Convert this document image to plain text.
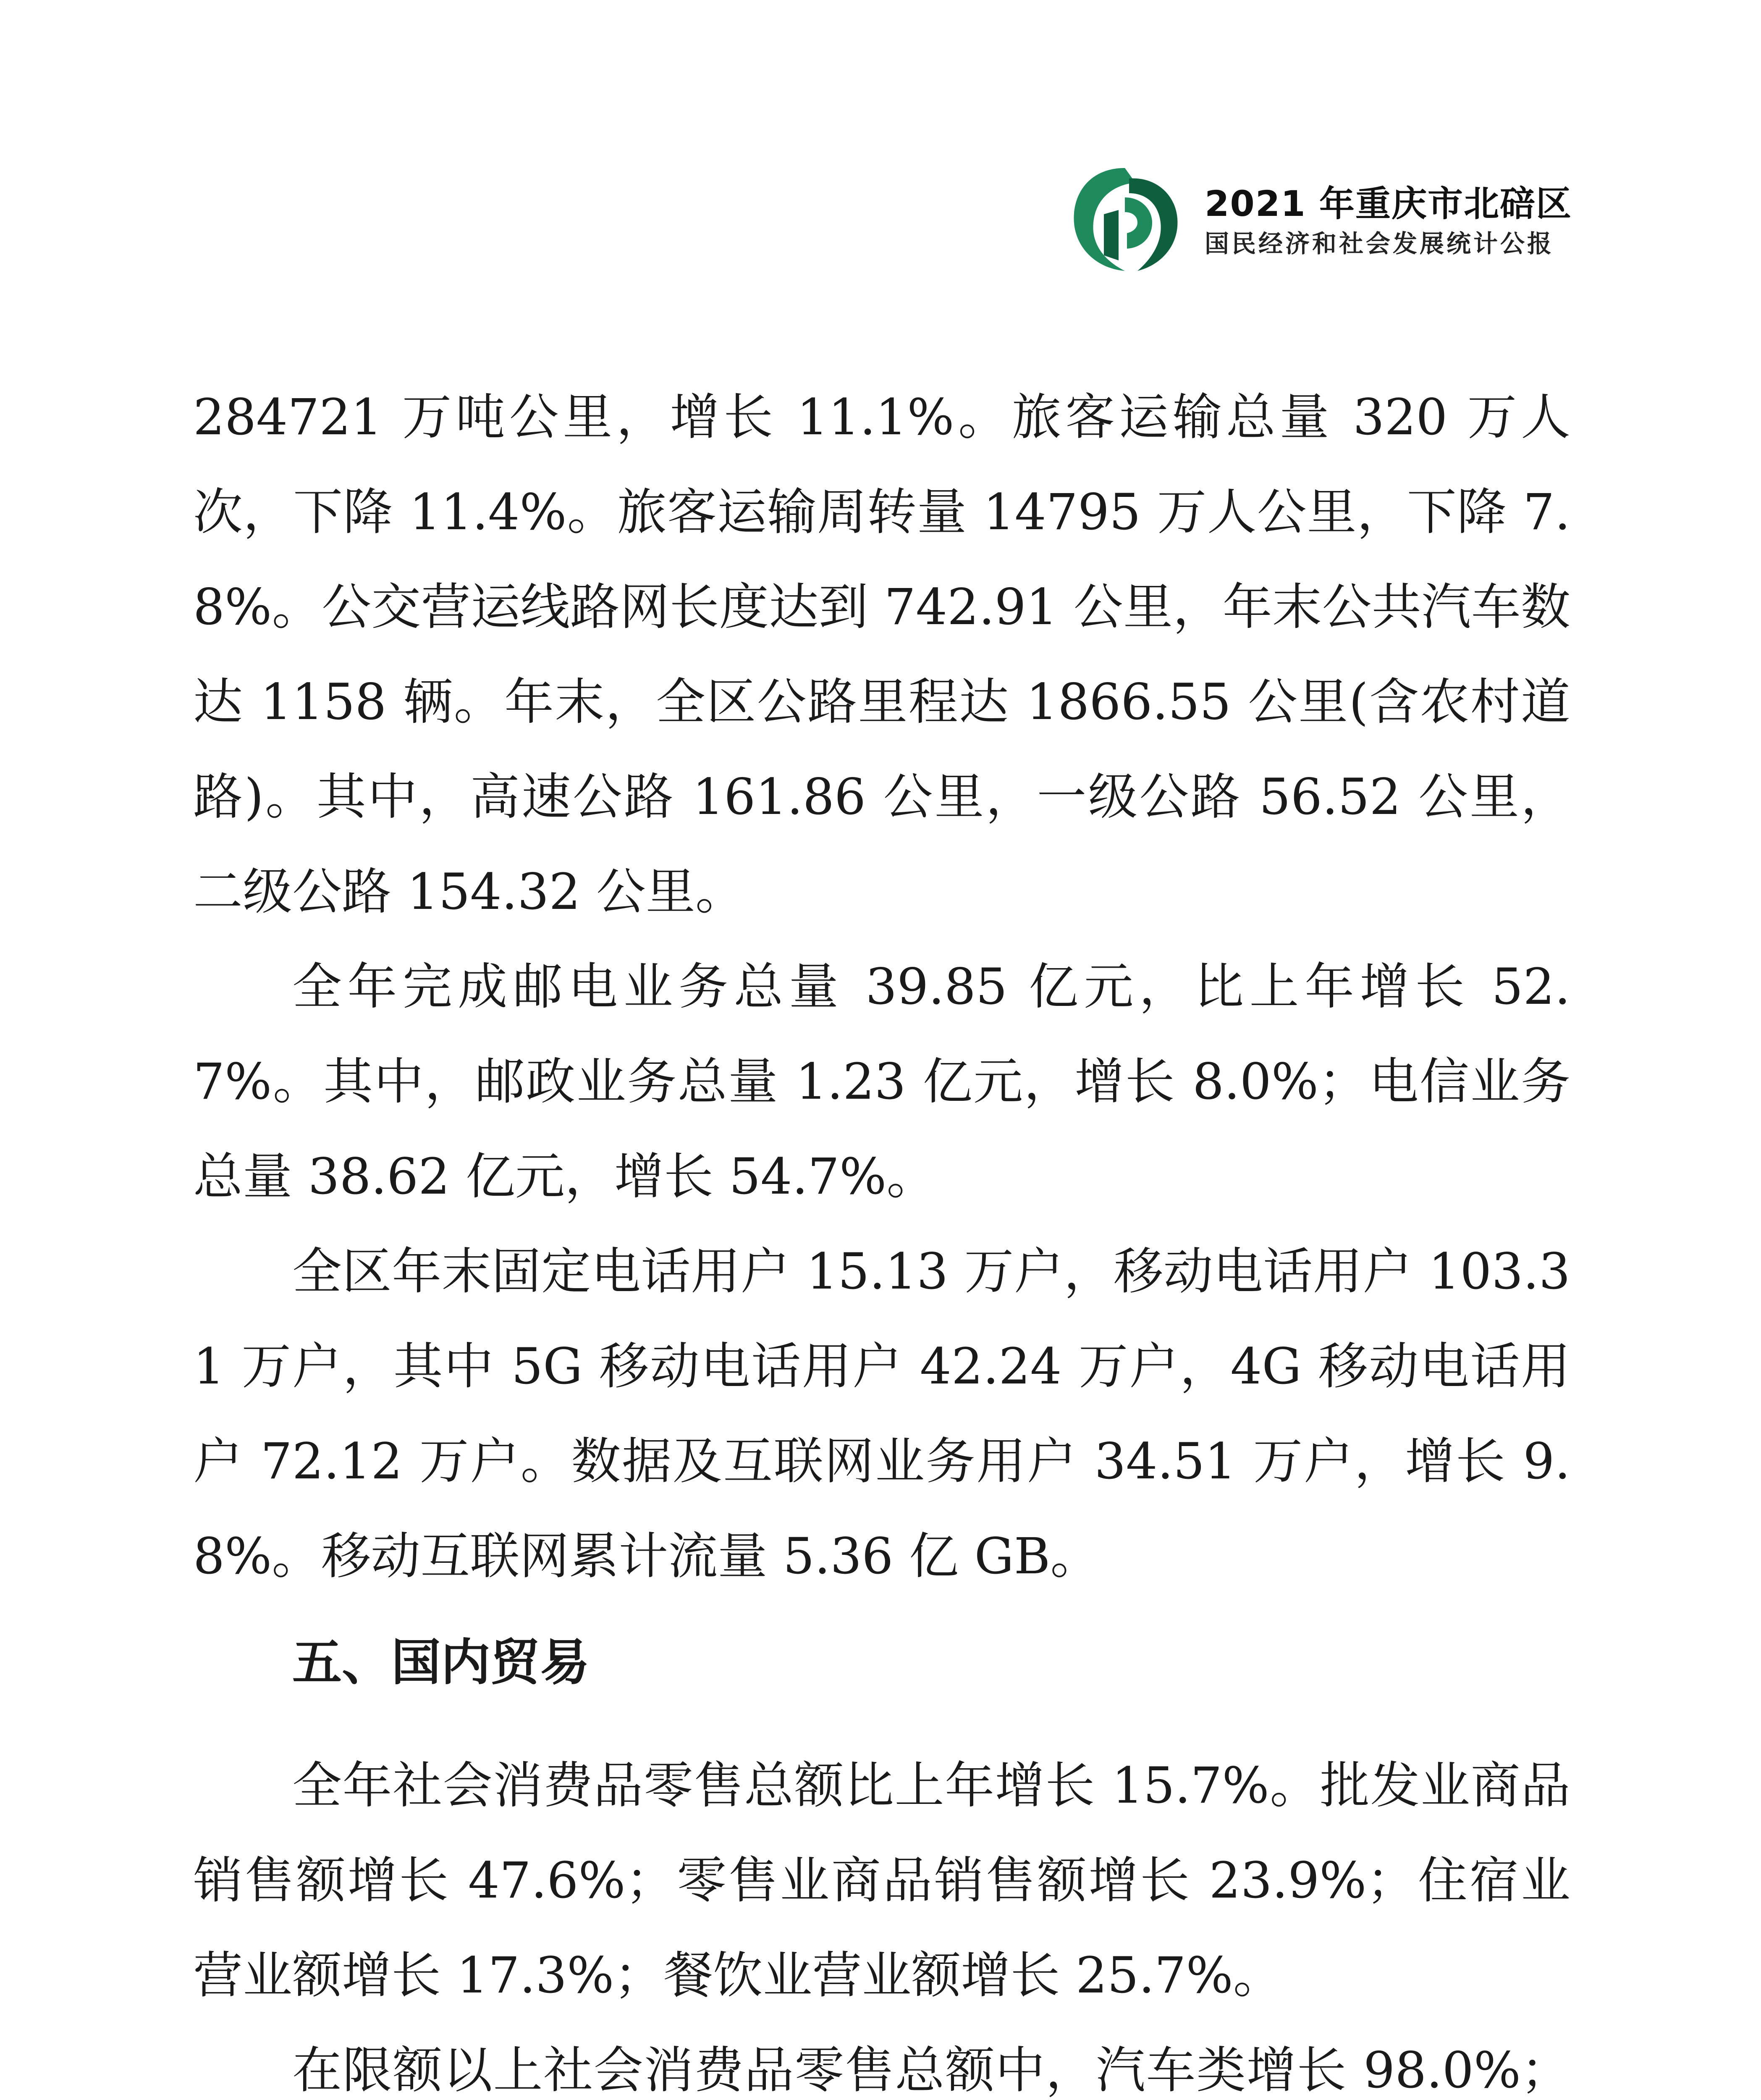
2021 年重庆市北碚区
国民经济和社会发展统计公报

284721 万吨公里，增长 11.1%。旅客运输总量 320 万人次，下降 11.4%。旅客运输周转量 14795 万人公里，下降 7.8%。公交营运线路网长度达到 742.91 公里，年末公共汽车数达 1158 辆。年末，全区公路里程达 1866.55 公里(含农村道路)。其中，高速公路 161.86 公里，一级公路 56.52 公里，二级公路 154.32 公里。

全年完成邮电业务总量 39.85 亿元，比上年增长 52.7%。其中，邮政业务总量 1.23 亿元，增长 8.0%；电信业务总量 38.62 亿元，增长 54.7%。

全区年末固定电话用户 15.13 万户，移动电话用户 103.31 万户，其中 5G 移动电话用户 42.24 万户，4G 移动电话用户 72.12 万户。数据及互联网业务用户 34.51 万户，增长 9.8%。移动互联网累计流量 5.36 亿 GB。

五、国内贸易

全年社会消费品零售总额比上年增长 15.7%。批发业商品销售额增长 47.6%；零售业商品销售额增长 23.9%；住宿业营业额增长 17.3%；餐饮业营业额增长 25.7%。

在限额以上社会消费品零售总额中，汽车类增长 98.0%；
